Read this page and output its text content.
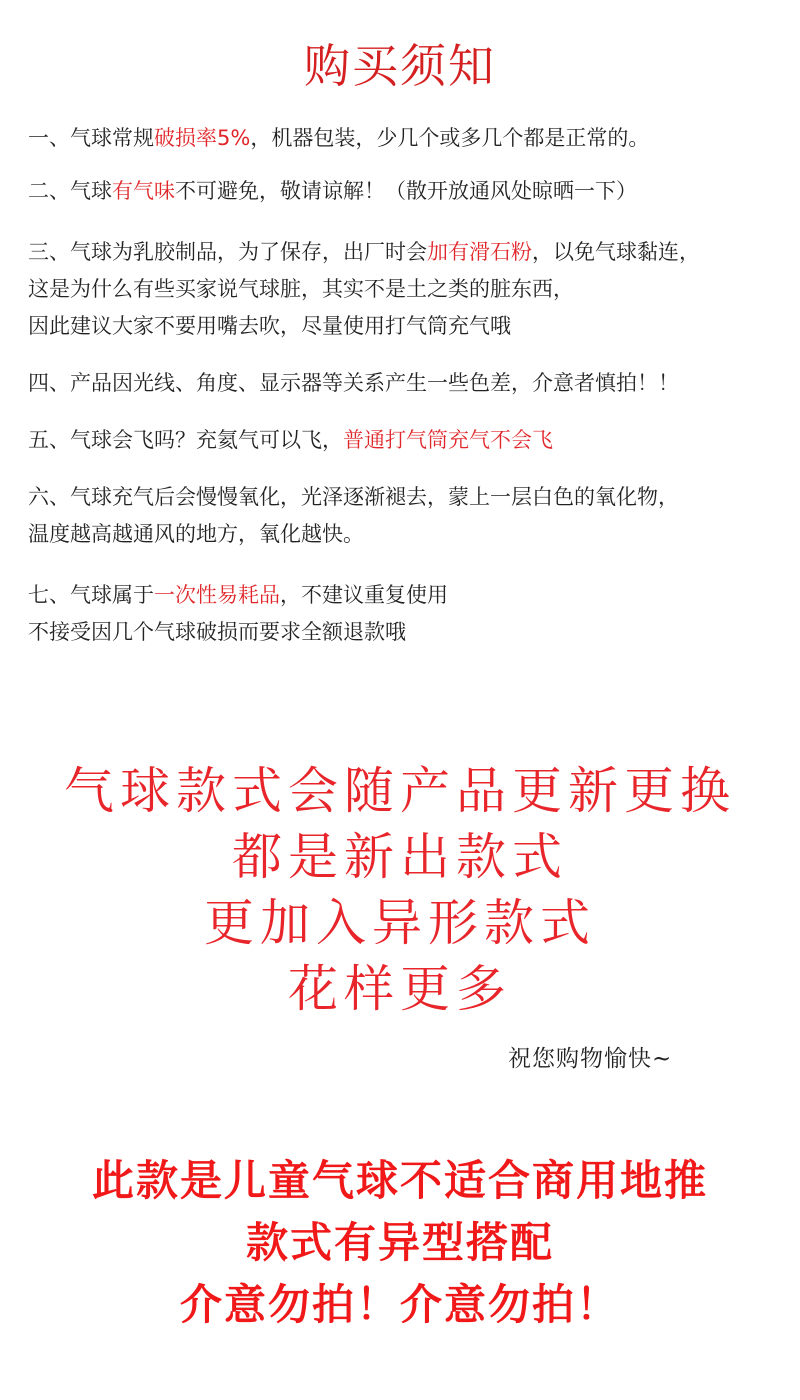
购买须知
一、气球常规破损率5%，机器包装，少几个或多几个都是正常的。
二、气球有气味不可避免，敬请谅解！（散开放通风处晾晒一下）
三、气球为乳胶制品，为了保存，出厂时会加有滑石粉，以免气球黏连，
这是为什么有些买家说气球脏，其实不是土之类的脏东西，
因此建议大家不要用嘴去吹，尽量使用打气筒充气哦
四、产品因光线、角度、显示器等关系产生一些色差，介意者慎拍！！
五、气球会飞吗？充氦气可以飞，普通打气筒充气不会飞
六、气球充气后会慢慢氧化，光泽逐渐褪去，蒙上一层白色的氧化物，
温度越高越通风的地方，氧化越快。
七、气球属于一次性易耗品，不建议重复使用
不接受因几个气球破损而要求全额退款哦
气球款式会随产品更新更换
都是新出款式
更加入异形款式
花样更多
祝您购物愉快~
此款是儿童气球不适合商用地推
款式有异型搭配
介意勿拍！介意勿拍！
